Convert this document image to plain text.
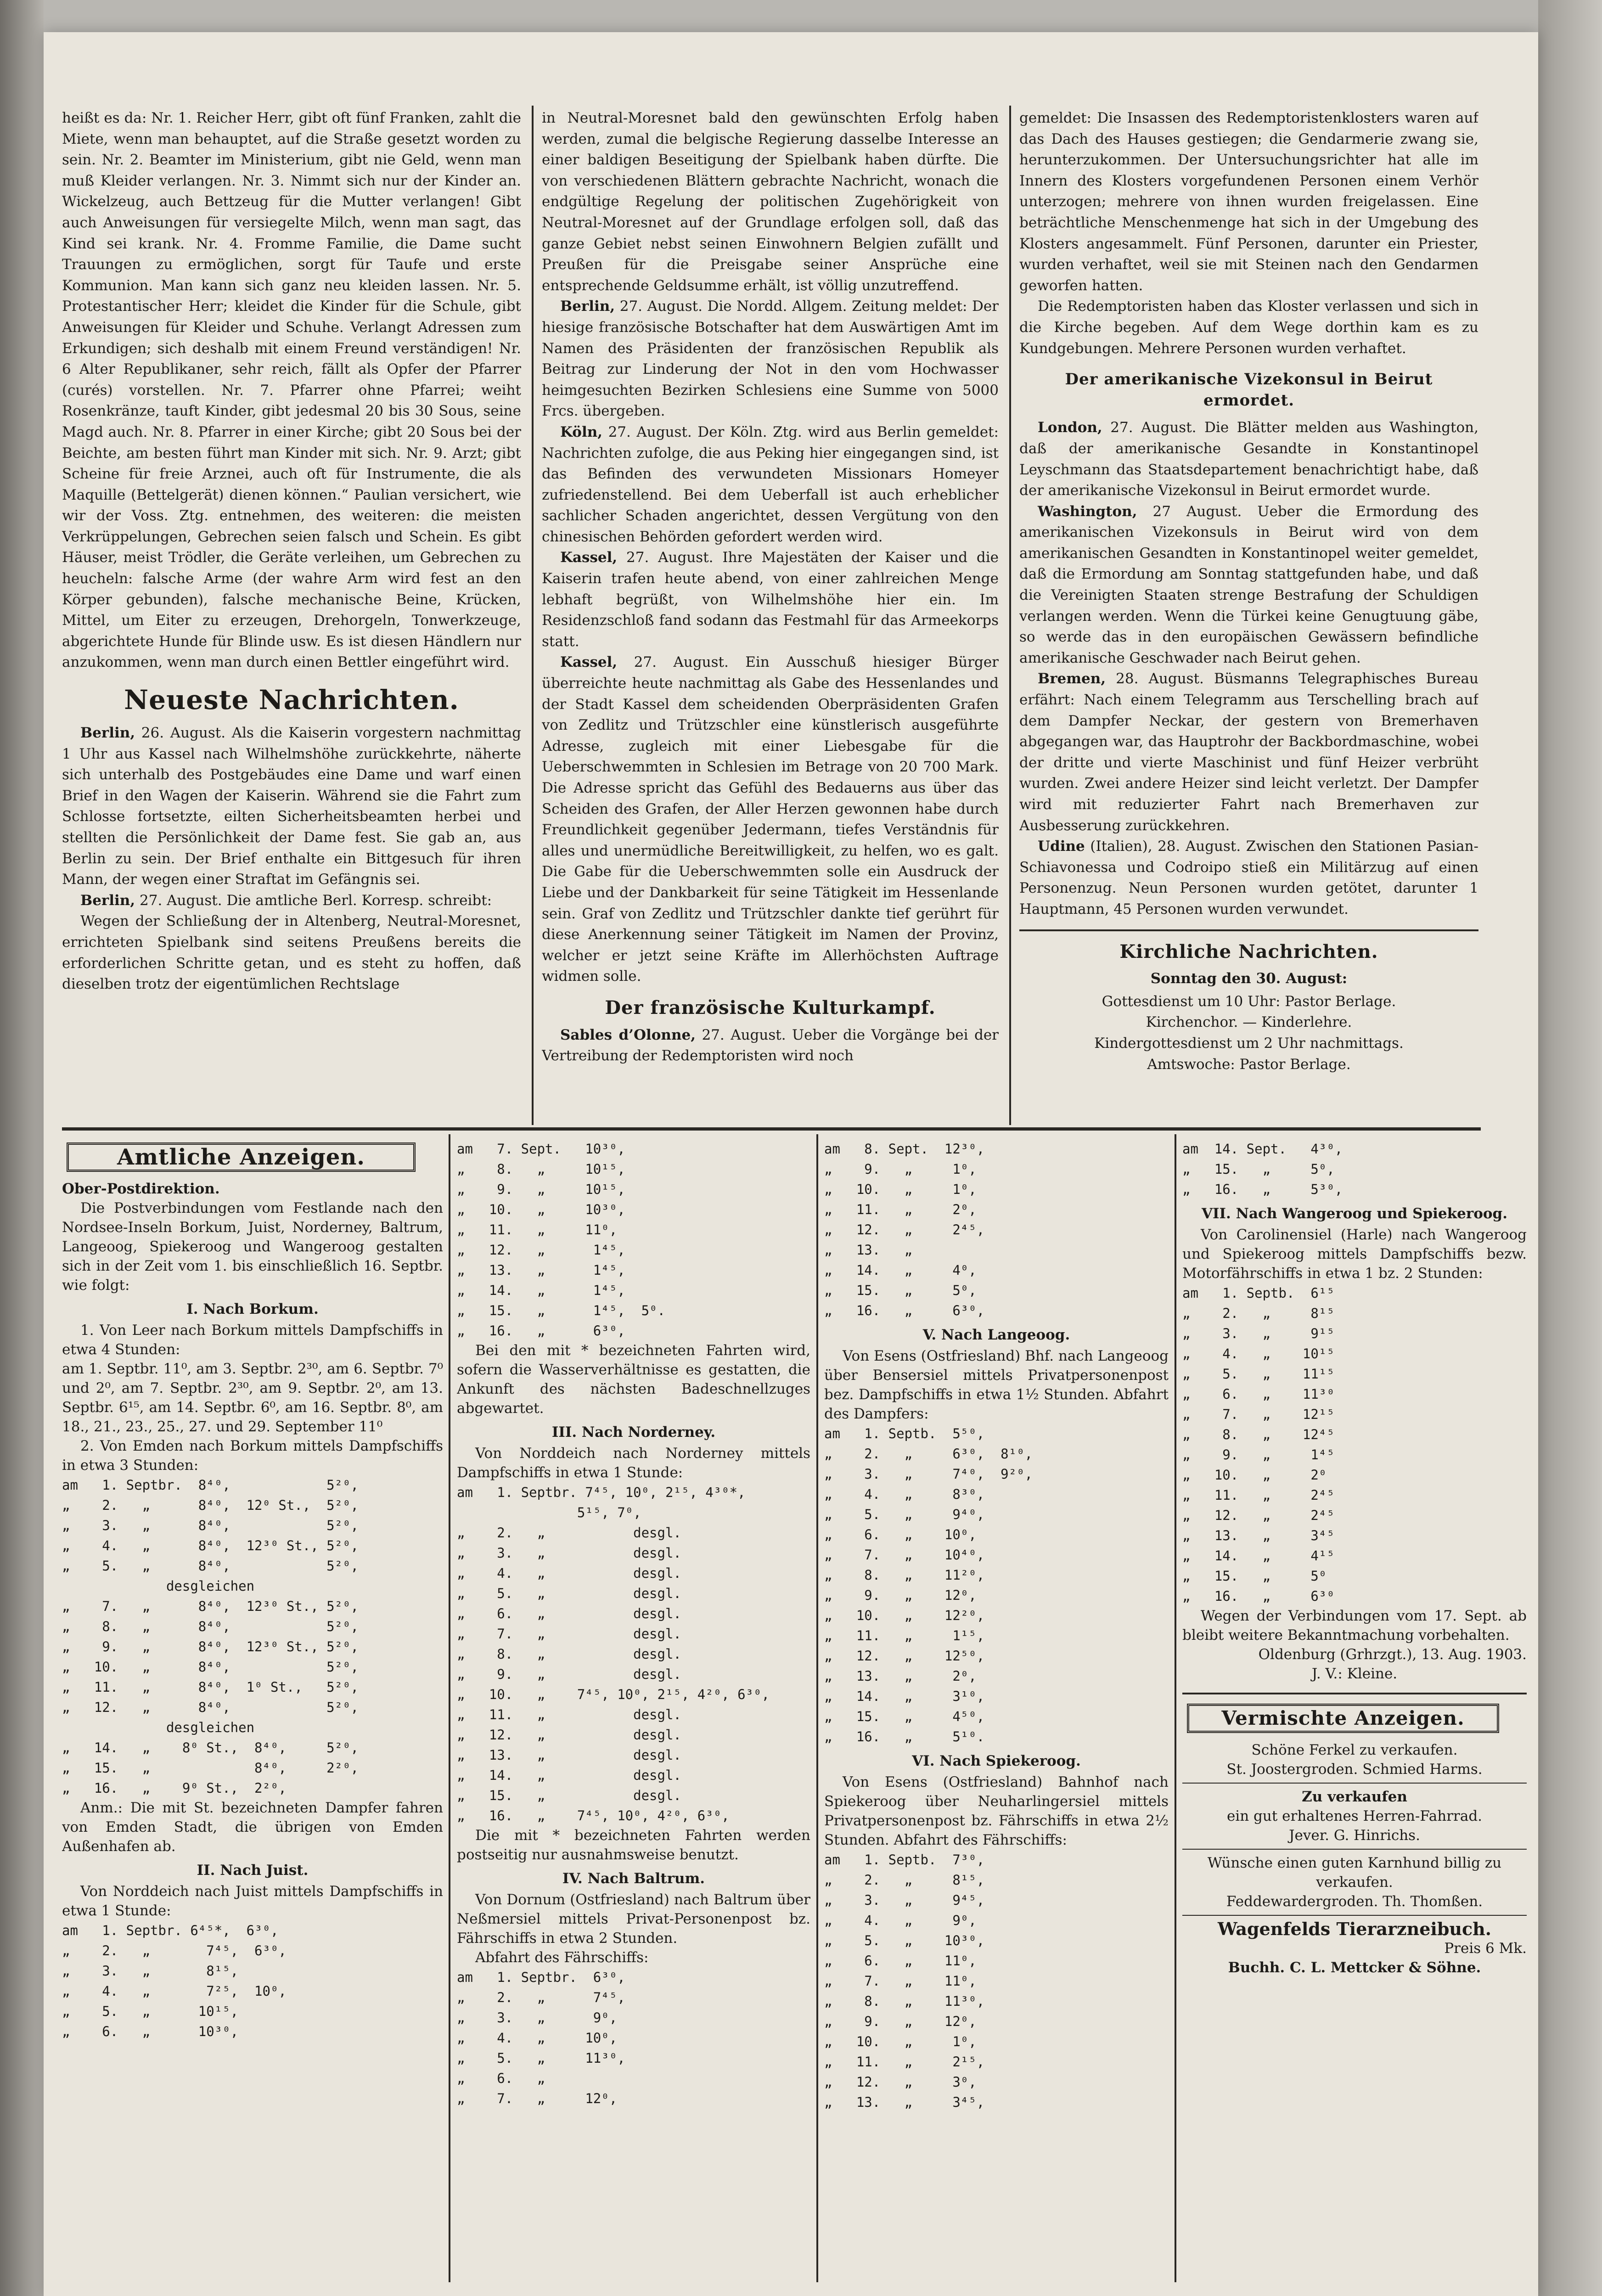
heißt es da: Nr. 1. Reicher Herr, gibt oft fünf Franken, zahlt die Miete, wenn man behauptet, auf die Straße gesetzt worden zu sein. Nr. 2. Beamter im Ministerium, gibt nie Geld, wenn man muß Kleider verlangen. Nr. 3. Nimmt sich nur der Kinder an. Wickelzeug, auch Bettzeug für die Mutter verlangen! Gibt auch Anweisungen für versiegelte Milch, wenn man sagt, das Kind sei krank. Nr. 4. Fromme Familie, die Dame sucht Trauungen zu ermöglichen, sorgt für Taufe und erste Kommunion. Man kann sich ganz neu kleiden lassen. Nr. 5. Protestantischer Herr; kleidet die Kinder für die Schule, gibt Anweisungen für Kleider und Schuhe. Verlangt Adressen zum Erkundigen; sich deshalb mit einem Freund verständigen! Nr. 6 Alter Republikaner, sehr reich, fällt als Opfer der Pfarrer (curés) vorstellen. Nr. 7. Pfarrer ohne Pfarrei; weiht Rosenkränze, tauft Kinder, gibt jedesmal 20 bis 30 Sous, seine Magd auch. Nr. 8. Pfarrer in einer Kirche; gibt 20 Sous bei der Beichte, am besten führt man Kinder mit sich. Nr. 9. Arzt; gibt Scheine für freie Arznei, auch oft für Instrumente, die als Maquille (Bettelgerät) dienen können.“ Paulian versichert, wie wir der Voss. Ztg. entnehmen, des weiteren: die meisten Verkrüppelungen, Gebrechen seien falsch und Schein. Es gibt Häuser, meist Trödler, die Geräte verleihen, um Gebrechen zu heucheln: falsche Arme (der wahre Arm wird fest an den Körper gebunden), falsche mechanische Beine, Krücken, Mittel, um Eiter zu erzeugen, Drehorgeln, Tonwerkzeuge, abgerichtete Hunde für Blinde usw. Es ist diesen Händlern nur anzukommen, wenn man durch einen Bettler eingeführt wird.

Neueste Nachrichten.

Berlin, 26. August. Als die Kaiserin vorgestern nachmittag 1 Uhr aus Kassel nach Wilhelmshöhe zurückkehrte, näherte sich unterhalb des Postgebäudes eine Dame und warf einen Brief in den Wagen der Kaiserin. Während sie die Fahrt zum Schlosse fortsetzte, eilten Sicherheitsbeamten herbei und stellten die Persönlichkeit der Dame fest. Sie gab an, aus Berlin zu sein. Der Brief enthalte ein Bittgesuch für ihren Mann, der wegen einer Straftat im Gefängnis sei.

Berlin, 27. August. Die amtliche Berl. Korresp. schreibt:

Wegen der Schließung der in Altenberg, Neutral-Moresnet, errichteten Spielbank sind seitens Preußens bereits die erforderlichen Schritte getan, und es steht zu hoffen, daß dieselben trotz der eigentümlichen Rechtslage

in Neutral-Moresnet bald den gewünschten Erfolg haben werden, zumal die belgische Regierung dasselbe Interesse an einer baldigen Beseitigung der Spielbank haben dürfte. Die von verschiedenen Blättern gebrachte Nachricht, wonach die endgültige Regelung der politischen Zugehörigkeit von Neutral-Moresnet auf der Grundlage erfolgen soll, daß das ganze Gebiet nebst seinen Einwohnern Belgien zufällt und Preußen für die Preisgabe seiner Ansprüche eine entsprechende Geldsumme erhält, ist völlig unzutreffend.

Berlin, 27. August. Die Nordd. Allgem. Zeitung meldet: Der hiesige französische Botschafter hat dem Auswärtigen Amt im Namen des Präsidenten der französischen Republik als Beitrag zur Linderung der Not in den vom Hochwasser heimgesuchten Bezirken Schlesiens eine Summe von 5000 Frcs. übergeben.

Köln, 27. August. Der Köln. Ztg. wird aus Berlin gemeldet: Nachrichten zufolge, die aus Peking hier eingegangen sind, ist das Befinden des verwundeten Missionars Homeyer zufriedenstellend. Bei dem Ueberfall ist auch erheblicher sachlicher Schaden angerichtet, dessen Vergütung von den chinesischen Behörden gefordert werden wird.

Kassel, 27. August. Ihre Majestäten der Kaiser und die Kaiserin trafen heute abend, von einer zahlreichen Menge lebhaft begrüßt, von Wilhelmshöhe hier ein. Im Residenzschloß fand sodann das Festmahl für das Armeekorps statt.

Kassel, 27. August. Ein Ausschuß hiesiger Bürger überreichte heute nachmittag als Gabe des Hessenlandes und der Stadt Kassel dem scheidenden Oberpräsidenten Grafen von Zedlitz und Trützschler eine künstlerisch ausgeführte Adresse, zugleich mit einer Liebesgabe für die Ueberschwemmten in Schlesien im Betrage von 20 700 Mark. Die Adresse spricht das Gefühl des Bedauerns aus über das Scheiden des Grafen, der Aller Herzen gewonnen habe durch Freundlichkeit gegenüber Jedermann, tiefes Verständnis für alles und unermüdliche Bereitwilligkeit, zu helfen, wo es galt. Die Gabe für die Ueberschwemmten solle ein Ausdruck der Liebe und der Dankbarkeit für seine Tätigkeit im Hessenlande sein. Graf von Zedlitz und Trützschler dankte tief gerührt für diese Anerkennung seiner Tätigkeit im Namen der Provinz, welcher er jetzt seine Kräfte im Allerhöchsten Auftrage widmen solle.

Der französische Kulturkampf.

Sables d’Olonne, 27. August. Ueber die Vorgänge bei der Vertreibung der Redemptoristen wird noch

gemeldet: Die Insassen des Redemptoristenklosters waren auf das Dach des Hauses gestiegen; die Gendarmerie zwang sie, herunterzukommen. Der Untersuchungsrichter hat alle im Innern des Klosters vorgefundenen Personen einem Verhör unterzogen; mehrere von ihnen wurden freigelassen. Eine beträchtliche Menschenmenge hat sich in der Umgebung des Klosters angesammelt. Fünf Personen, darunter ein Priester, wurden verhaftet, weil sie mit Steinen nach den Gendarmen geworfen hatten.

Die Redemptoristen haben das Kloster verlassen und sich in die Kirche begeben. Auf dem Wege dorthin kam es zu Kundgebungen. Mehrere Personen wurden verhaftet.

Der amerikanische Vizekonsul in Beirut ermordet.

London, 27. August. Die Blätter melden aus Washington, daß der amerikanische Gesandte in Konstantinopel Leyschmann das Staatsdepartement benachrichtigt habe, daß der amerikanische Vizekonsul in Beirut ermordet wurde.

Washington, 27 August. Ueber die Ermordung des amerikanischen Vizekonsuls in Beirut wird von dem amerikanischen Gesandten in Konstantinopel weiter gemeldet, daß die Ermordung am Sonntag stattgefunden habe, und daß die Vereinigten Staaten strenge Bestrafung der Schuldigen verlangen werden. Wenn die Türkei keine Genugtuung gäbe, so werde das in den europäischen Gewässern befindliche amerikanische Geschwader nach Beirut gehen.

Bremen, 28. August. Büsmanns Telegraphisches Bureau erfährt: Nach einem Telegramm aus Terschelling brach auf dem Dampfer Neckar, der gestern von Bremerhaven abgegangen war, das Hauptrohr der Backbordmaschine, wobei der dritte und vierte Maschinist und fünf Heizer verbrüht wurden. Zwei andere Heizer sind leicht verletzt. Der Dampfer wird mit reduzierter Fahrt nach Bremerhaven zur Ausbesserung zurückkehren.

Udine (Italien), 28. August. Zwischen den Stationen Pasian-Schiavonessa und Codroipo stieß ein Militärzug auf einen Personenzug. Neun Personen wurden getötet, darunter 1 Hauptmann, 45 Personen wurden verwundet.

Kirchliche Nachrichten.
Sonntag den 30. August:

Gottesdienst um 10 Uhr: Pastor Berlage.

Kirchenchor. — Kinderlehre.

Kindergottesdienst um 2 Uhr nachmittags.

Amtswoche: Pastor Berlage.

Amtliche Anzeigen.

Ober-Postdirektion.

Die Postverbindungen vom Festlande nach den Nordsee-Inseln Borkum, Juist, Norderney, Baltrum, Langeoog, Spiekeroog und Wangeroog gestalten sich in der Zeit vom 1. bis einschließlich 16. Septbr. wie folgt:

I. Nach Borkum.

1. Von Leer nach Borkum mittels Dampfschiffs in etwa 4 Stunden:

am 1. Septbr. 11⁰, am 3. Septbr. 2³⁰, am 6. Septbr. 7⁰ und 2⁰, am 7. Septbr. 2³⁰, am 9. Septbr. 2⁰, am 13. Septbr. 6¹⁵, am 14. Septbr. 6⁰, am 16. Septbr. 8⁰, am 18., 21., 23., 25., 27. und 29. September 11⁰

2. Von Emden nach Borkum mittels Dampfschiffs in etwa 3 Stunden:

am   1. Septbr.  8⁴⁰,            5²⁰,
„    2.   „      8⁴⁰,  12⁰ St.,  5²⁰,
„    3.   „      8⁴⁰,            5²⁰,
„    4.   „      8⁴⁰,  12³⁰ St., 5²⁰,
„    5.   „      8⁴⁰,            5²⁰,
desgleichen
„    7.   „      8⁴⁰,  12³⁰ St., 5²⁰,
„    8.   „      8⁴⁰,            5²⁰,
„    9.   „      8⁴⁰,  12³⁰ St., 5²⁰,
„   10.   „      8⁴⁰,            5²⁰,
„   11.   „      8⁴⁰,  1⁰ St.,   5²⁰,
„   12.   „      8⁴⁰,            5²⁰,
desgleichen
„   14.   „    8⁰ St.,  8⁴⁰,     5²⁰,
„   15.   „             8⁴⁰,     2²⁰,
„   16.   „    9⁰ St.,  2²⁰,

Anm.: Die mit St. bezeichneten Dampfer fahren von Emden Stadt, die übrigen von Emden Außenhafen ab.

II. Nach Juist.

Von Norddeich nach Juist mittels Dampfschiffs in etwa 1 Stunde:

am   1. Septbr. 6⁴⁵*,  6³⁰,
„    2.   „       7⁴⁵,  6³⁰,
„    3.   „       8¹⁵,
„    4.   „       7²⁵,  10⁰,
„    5.   „      10¹⁵,
„    6.   „      10³⁰,
am   7. Sept.   10³⁰,
„    8.   „     10¹⁵,
„    9.   „     10¹⁵,
„   10.   „     10³⁰,
„   11.   „     11⁰,
„   12.   „      1⁴⁵,
„   13.   „      1⁴⁵,
„   14.   „      1⁴⁵,
„   15.   „      1⁴⁵,  5⁰.
„   16.   „      6³⁰,

Bei den mit * bezeichneten Fahrten wird, sofern die Wasserverhältnisse es gestatten, die Ankunft des nächsten Badeschnellzuges abgewartet.

III. Nach Norderney.

Von Norddeich nach Norderney mittels Dampfschiffs in etwa 1 Stunde:

am   1. Septbr. 7⁴⁵, 10⁰, 2¹⁵, 4³⁰*,
5¹⁵, 7⁰,
„    2.   „           desgl.
„    3.   „           desgl.
„    4.   „           desgl.
„    5.   „           desgl.
„    6.   „           desgl.
„    7.   „           desgl.
„    8.   „           desgl.
„    9.   „           desgl.
„   10.   „    7⁴⁵, 10⁰, 2¹⁵, 4²⁰, 6³⁰,
„   11.   „           desgl.
„   12.   „           desgl.
„   13.   „           desgl.
„   14.   „           desgl.
„   15.   „           desgl.
„   16.   „    7⁴⁵, 10⁰, 4²⁰, 6³⁰,

Die mit * bezeichneten Fahrten werden postseitig nur ausnahmsweise benutzt.

IV. Nach Baltrum.

Von Dornum (Ostfriesland) nach Baltrum über Neßmersiel mittels Privat-Personenpost bz. Fährschiffs in etwa 2 Stunden.

Abfahrt des Fährschiffs:

am   1. Septbr.  6³⁰,
„    2.   „      7⁴⁵,
„    3.   „      9⁰,
„    4.   „     10⁰,
„    5.   „     11³⁰,
„    6.   „
„    7.   „     12⁰,
am   8. Sept.  12³⁰,
„    9.   „     1⁰,
„   10.   „     1⁰,
„   11.   „     2⁰,
„   12.   „     2⁴⁵,
„   13.   „
„   14.   „     4⁰,
„   15.   „     5⁰,
„   16.   „     6³⁰,
V. Nach Langeoog.

Von Esens (Ostfriesland) Bhf. nach Langeoog über Bensersiel mittels Privatpersonenpost bez. Dampfschiffs in etwa 1½ Stunden. Abfahrt des Dampfers:

am   1. Septb.  5⁵⁰,
„    2.   „     6³⁰,  8¹⁰,
„    3.   „     7⁴⁰,  9²⁰,
„    4.   „     8³⁰,
„    5.   „     9⁴⁰,
„    6.   „    10⁰,
„    7.   „    10⁴⁰,
„    8.   „    11²⁰,
„    9.   „    12⁰,
„   10.   „    12²⁰,
„   11.   „     1¹⁵,
„   12.   „    12⁵⁰,
„   13.   „     2⁰,
„   14.   „     3¹⁰,
„   15.   „     4⁵⁰,
„   16.   „     5¹⁰.
VI. Nach Spiekeroog.

Von Esens (Ostfriesland) Bahnhof nach Spiekeroog über Neuharlingersiel mittels Privatpersonenpost bz. Fährschiffs in etwa 2½ Stunden. Abfahrt des Fährschiffs:

am   1. Septb.  7³⁰,
„    2.   „     8¹⁵,
„    3.   „     9⁴⁵,
„    4.   „     9⁰,
„    5.   „    10³⁰,
„    6.   „    11⁰,
„    7.   „    11⁰,
„    8.   „    11³⁰,
„    9.   „    12⁰,
„   10.   „     1⁰,
„   11.   „     2¹⁵,
„   12.   „     3⁰,
„   13.   „     3⁴⁵,
am  14. Sept.   4³⁰,
„   15.   „     5⁰,
„   16.   „     5³⁰,
VII. Nach Wangeroog und Spiekeroog.

Von Carolinensiel (Harle) nach Wangeroog und Spiekeroog mittels Dampfschiffs bezw. Motorfährschiffs in etwa 1 bz. 2 Stunden:

am   1. Septb.  6¹⁵
„    2.   „     8¹⁵
„    3.   „     9¹⁵
„    4.   „    10¹⁵
„    5.   „    11¹⁵
„    6.   „    11³⁰
„    7.   „    12¹⁵
„    8.   „    12⁴⁵
„    9.   „     1⁴⁵
„   10.   „     2⁰
„   11.   „     2⁴⁵
„   12.   „     2⁴⁵
„   13.   „     3⁴⁵
„   14.   „     4¹⁵
„   15.   „     5⁰
„   16.   „     6³⁰

Wegen der Verbindungen vom 17. Sept. ab bleibt weitere Bekanntmachung vorbehalten.

Oldenburg (Grhrzgt.), 13. Aug. 1903.

J. V.: Kleine.

Vermischte Anzeigen.

Schöne Ferkel zu verkaufen.

St. Joostergroden. Schmied Harms.

Zu verkaufen

ein gut erhaltenes Herren-Fahrrad.

Jever. G. Hinrichs.

Wünsche einen guten Karnhund billig zu verkaufen.

Feddewardergroden. Th. Thomßen.

Wagenfelds Tierarzneibuch.

Preis 6 Mk.

Buchh. C. L. Mettcker & Söhne.
